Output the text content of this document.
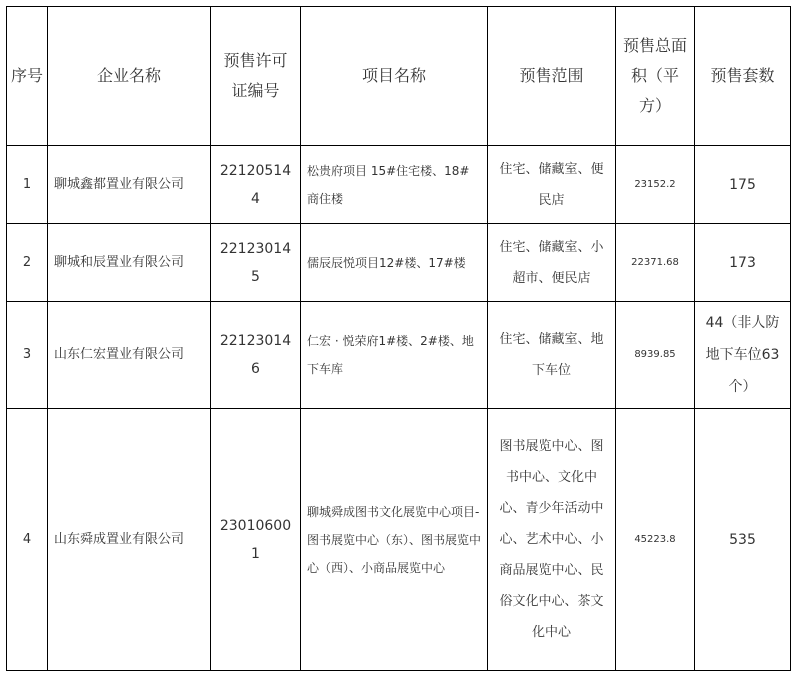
序号	企业名称	预售许可证编号	项目名称	预售范围	预售总面积（平方）	预售套数
1	聊城鑫都置业有限公司	221205144	松贵府项目 15#住宅楼、18#商住楼	住宅、储藏室、便民店	23152.2	175
2	聊城和辰置业有限公司	221230145	儒辰辰悦项目12#楼、17#楼	住宅、储藏室、小超市、便民店	22371.68	173
3	山东仁宏置业有限公司	221230146	仁宏 · 悦荣府1#楼、2#楼、地下车库	住宅、储藏室、地下车位	8939.85	44（非人防地下车位63个）
4	山东舜成置业有限公司	230106001	聊城舜成图书文化展览中心项目-图书展览中心（东）、图书展览中心（西）、小商品展览中心	图书展览中心、图书中心、文化中心、青少年活动中心、艺术中心、小商品展览中心、民俗文化中心、茶文化中心	45223.8	535
